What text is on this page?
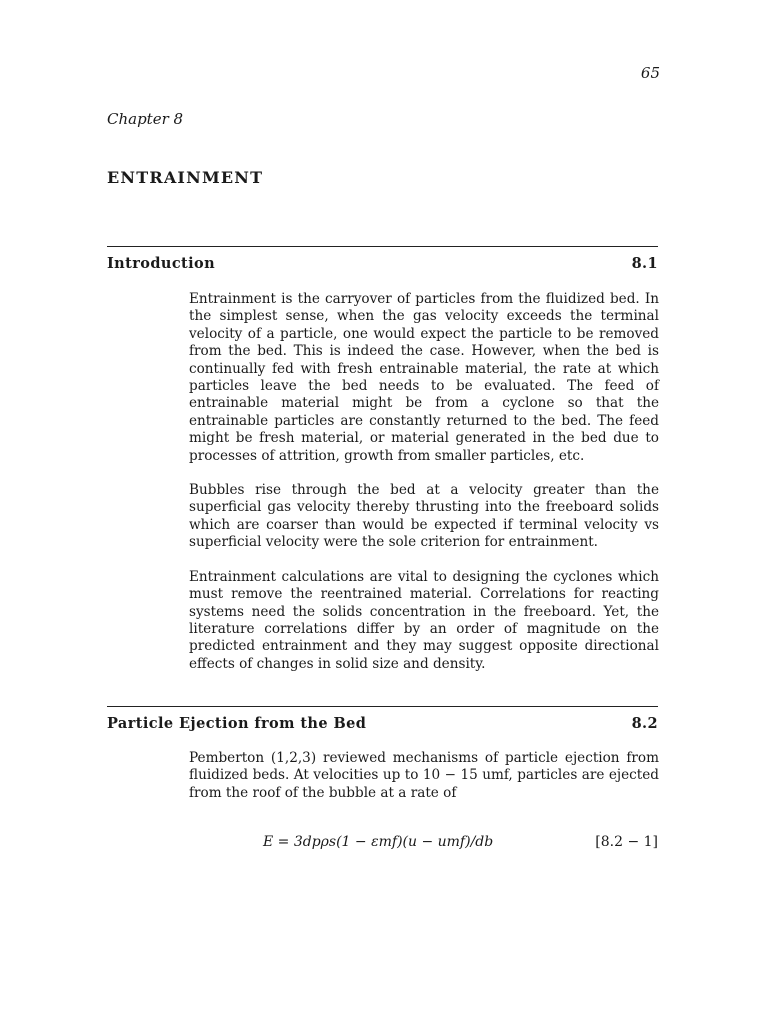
65
Chapter 8
ENTRAINMENT
Introduction	8.1

Entrainment is the carryover of particles from the fluidized bed. In the simplest sense, when the gas velocity exceeds the terminal velocity of a particle, one would expect the particle to be removed from the bed. This is indeed the case. However, when the bed is continually fed with fresh entrainable material, the rate at which particles leave the bed needs to be evaluated. The feed of entrainable material might be from a cyclone so that the entrainable particles are constantly returned to the bed. The feed might be fresh material, or material generated in the bed due to processes of attrition, growth from smaller particles, etc.

Bubbles rise through the bed at a velocity greater than the superficial gas velocity thereby thrusting into the freeboard solids which are coarser than would be expected if terminal velocity vs superficial velocity were the sole criterion for entrainment.

Entrainment calculations are vital to designing the cyclones which must remove the reentrained material. Correlations for reacting systems need the solids concentration in the freeboard. Yet, the literature correlations differ by an order of magnitude on the predicted entrainment and they may suggest opposite directional effects of changes in solid size and density.

Particle Ejection from the Bed	8.2

Pemberton (1,2,3) reviewed mechanisms of particle ejection from fluidized beds. At velocities up to 10 − 15 umf, particles are ejected from the roof of the bubble at a rate of

E = 3dpρs(1 − εmf)(u − umf)/db	[8.2 − 1]
